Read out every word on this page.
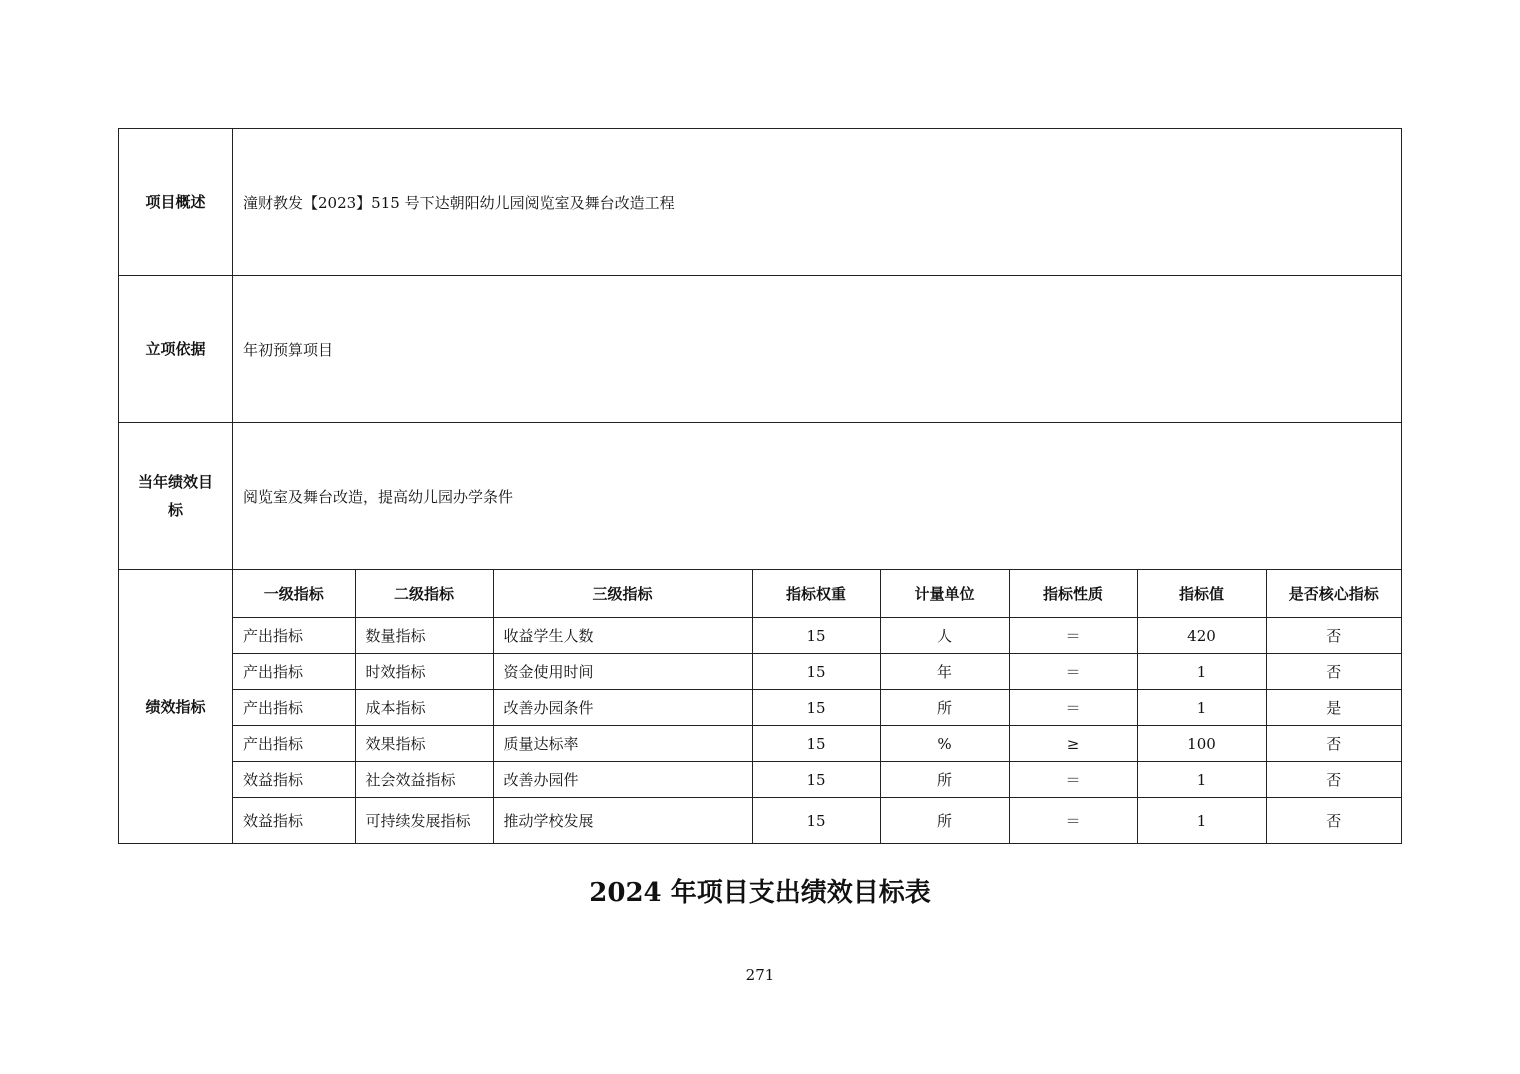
项目概述	潼财教发【2023】515 号下达朝阳幼儿园阅览室及舞台改造工程
立项依据	年初预算项目
当年绩效目
标	阅览室及舞台改造，提高幼儿园办学条件
绩效指标	
一级指标	二级指标	三级指标	指标权重	计量单位	指标性质	指标值	是否核心指标
产出指标	数量指标	收益学生人数	15	人	＝	420	否
产出指标	时效指标	资金使用时间	15	年	＝	1	否
产出指标	成本指标	改善办园条件	15	所	＝	1	是
产出指标	效果指标	质量达标率	15	%	≥	100	否
效益指标	社会效益指标	改善办园件	15	所	＝	1	否
效益指标	可持续发展指标	推动学校发展	15	所	＝	1	否
2024 年项目支出绩效目标表
271
